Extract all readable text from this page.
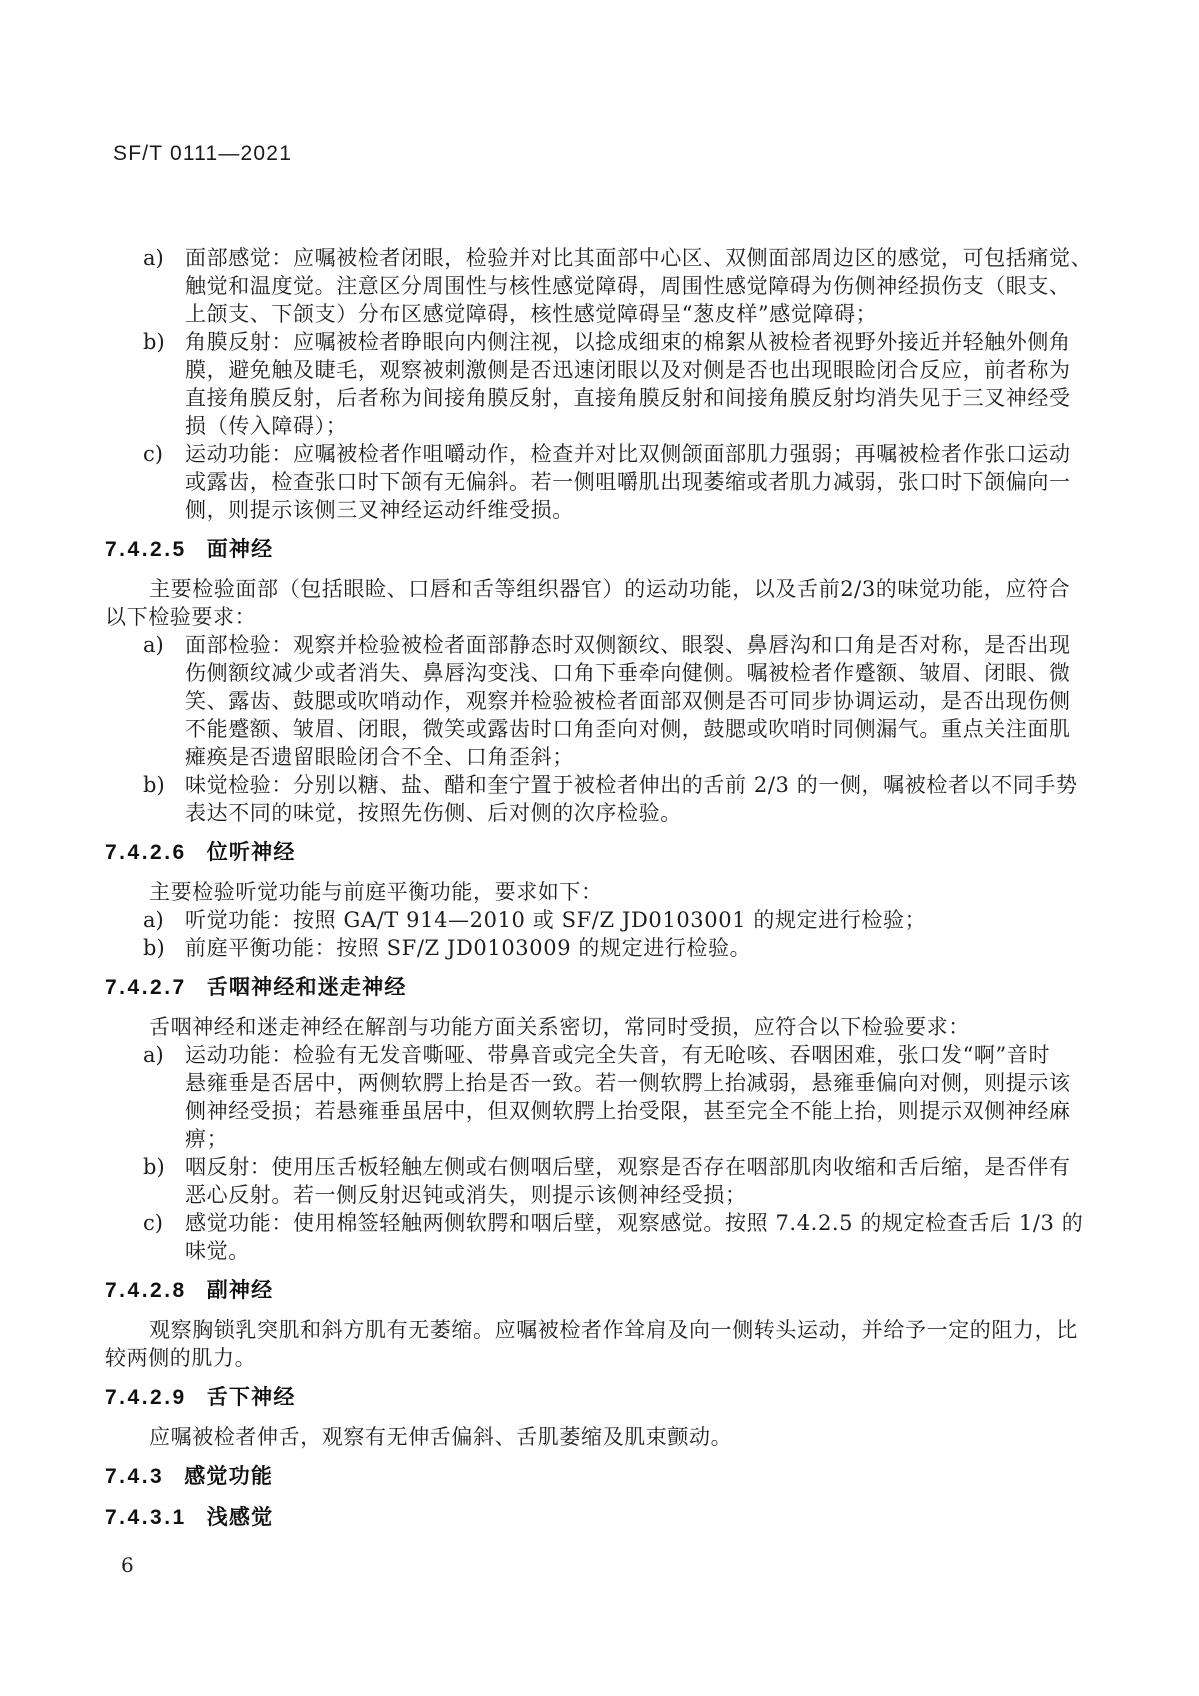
SF/T 0111—2021
a)	面部感觉：应嘱被检者闭眼，检验并对比其面部中心区、双侧面部周边区的感觉，可包括痛觉、
触觉和温度觉。注意区分周围性与核性感觉障碍，周围性感觉障碍为伤侧神经损伤支（眼支、
上颌支、下颌支）分布区感觉障碍，核性感觉障碍呈“葱皮样”感觉障碍；
b) 角膜反射：应嘱被检者睁眼向内侧注视，以捻成细束的棉絮从被检者视野外接近并轻触外侧角
膜，避免触及睫毛，观察被刺激侧是否迅速闭眼以及对侧是否也出现眼睑闭合反应，前者称为
直接角膜反射，后者称为间接角膜反射，直接角膜反射和间接角膜反射均消失见于三叉神经受
损（传入障碍）；
c)	运动功能：应嘱被检者作咀嚼动作，检查并对比双侧颌面部肌力强弱；再嘱被检者作张口运动
或露齿，检查张口时下颌有无偏斜。若一侧咀嚼肌出现萎缩或者肌力减弱，张口时下颌偏向一
侧，则提示该侧三叉神经运动纤维受损。
7.4.2.5 面神经
主要检验面部（包括眼睑、口唇和舌等组织器官）的运动功能，以及舌前2/3的味觉功能，应符合
以下检验要求：
a)	面部检验：观察并检验被检者面部静态时双侧额纹、眼裂、鼻唇沟和口角是否对称，是否出现
伤侧额纹减少或者消失、鼻唇沟变浅、口角下垂牵向健侧。嘱被检者作蹙额、皱眉、闭眼、微
笑、露齿、鼓腮或吹哨动作，观察并检验被检者面部双侧是否可同步协调运动，是否出现伤侧
不能蹙额、皱眉、闭眼，微笑或露齿时口角歪向对侧，鼓腮或吹哨时同侧漏气。重点关注面肌
瘫痪是否遗留眼睑闭合不全、口角歪斜；
b) 味觉检验：分别以糖、盐、醋和奎宁置于被检者伸出的舌前 2/3 的一侧，嘱被检者以不同手势
表达不同的味觉，按照先伤侧、后对侧的次序检验。
7.4.2.6 位听神经
主要检验听觉功能与前庭平衡功能，要求如下：
a)	听觉功能：按照 GA/T 914—2010 或 SF/Z JD0103001 的规定进行检验；
b) 前庭平衡功能：按照 SF/Z JD0103009 的规定进行检验。
7.4.2.7 舌咽神经和迷走神经
舌咽神经和迷走神经在解剖与功能方面关系密切，常同时受损，应符合以下检验要求：
a)	运动功能：检验有无发音嘶哑、带鼻音或完全失音，有无呛咳、吞咽困难，张口发“啊”音时
悬雍垂是否居中，两侧软腭上抬是否一致。若一侧软腭上抬减弱，悬雍垂偏向对侧，则提示该
侧神经受损；若悬雍垂虽居中，但双侧软腭上抬受限，甚至完全不能上抬，则提示双侧神经麻
痹；
b) 咽反射：使用压舌板轻触左侧或右侧咽后壁，观察是否存在咽部肌肉收缩和舌后缩，是否伴有
恶心反射。若一侧反射迟钝或消失，则提示该侧神经受损；
c)	感觉功能：使用棉签轻触两侧软腭和咽后壁，观察感觉。按照 7.4.2.5 的规定检查舌后 1/3 的
味觉。
7.4.2.8 副神经
观察胸锁乳突肌和斜方肌有无萎缩。应嘱被检者作耸肩及向一侧转头运动，并给予一定的阻力，比
较两侧的肌力。
7.4.2.9 舌下神经
应嘱被检者伸舌，观察有无伸舌偏斜、舌肌萎缩及肌束颤动。
7.4.3 感觉功能
7.4.3.1 浅感觉
6
